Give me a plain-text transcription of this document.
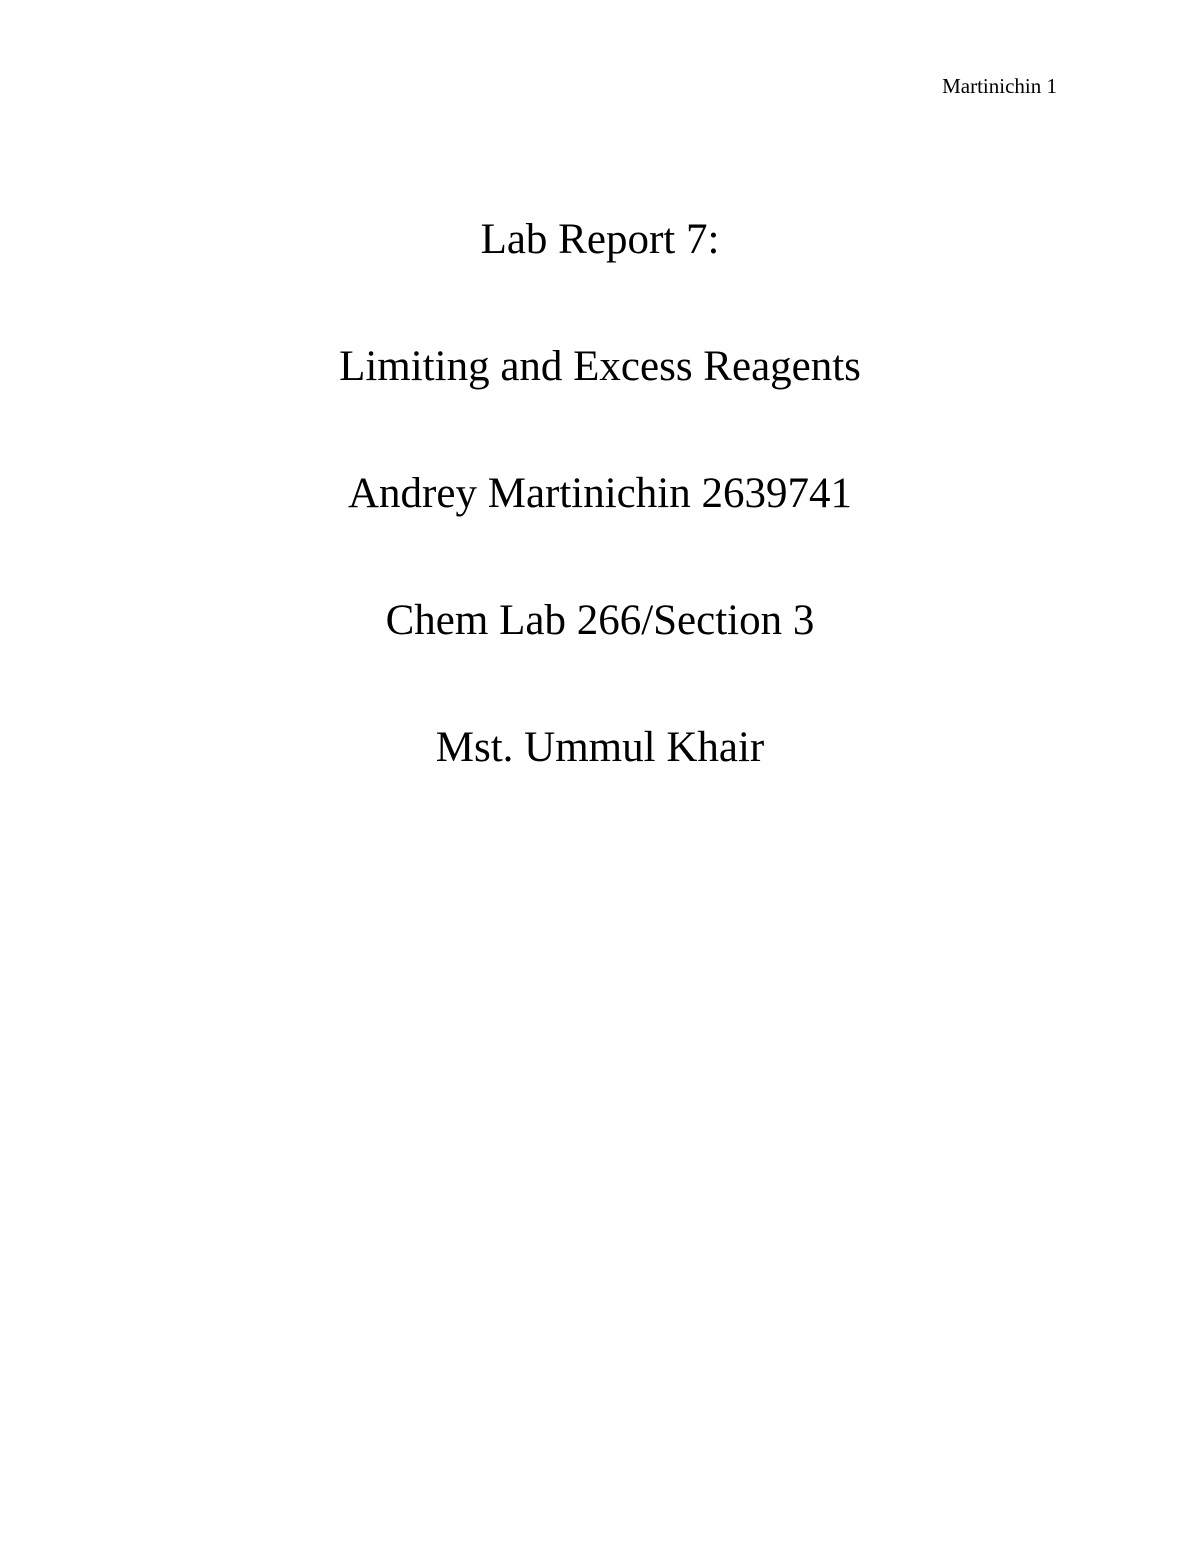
Martinichin 1
Lab Report 7:
Limiting and Excess Reagents
Andrey Martinichin 2639741
Chem Lab 266/Section 3
Mst. Ummul Khair
